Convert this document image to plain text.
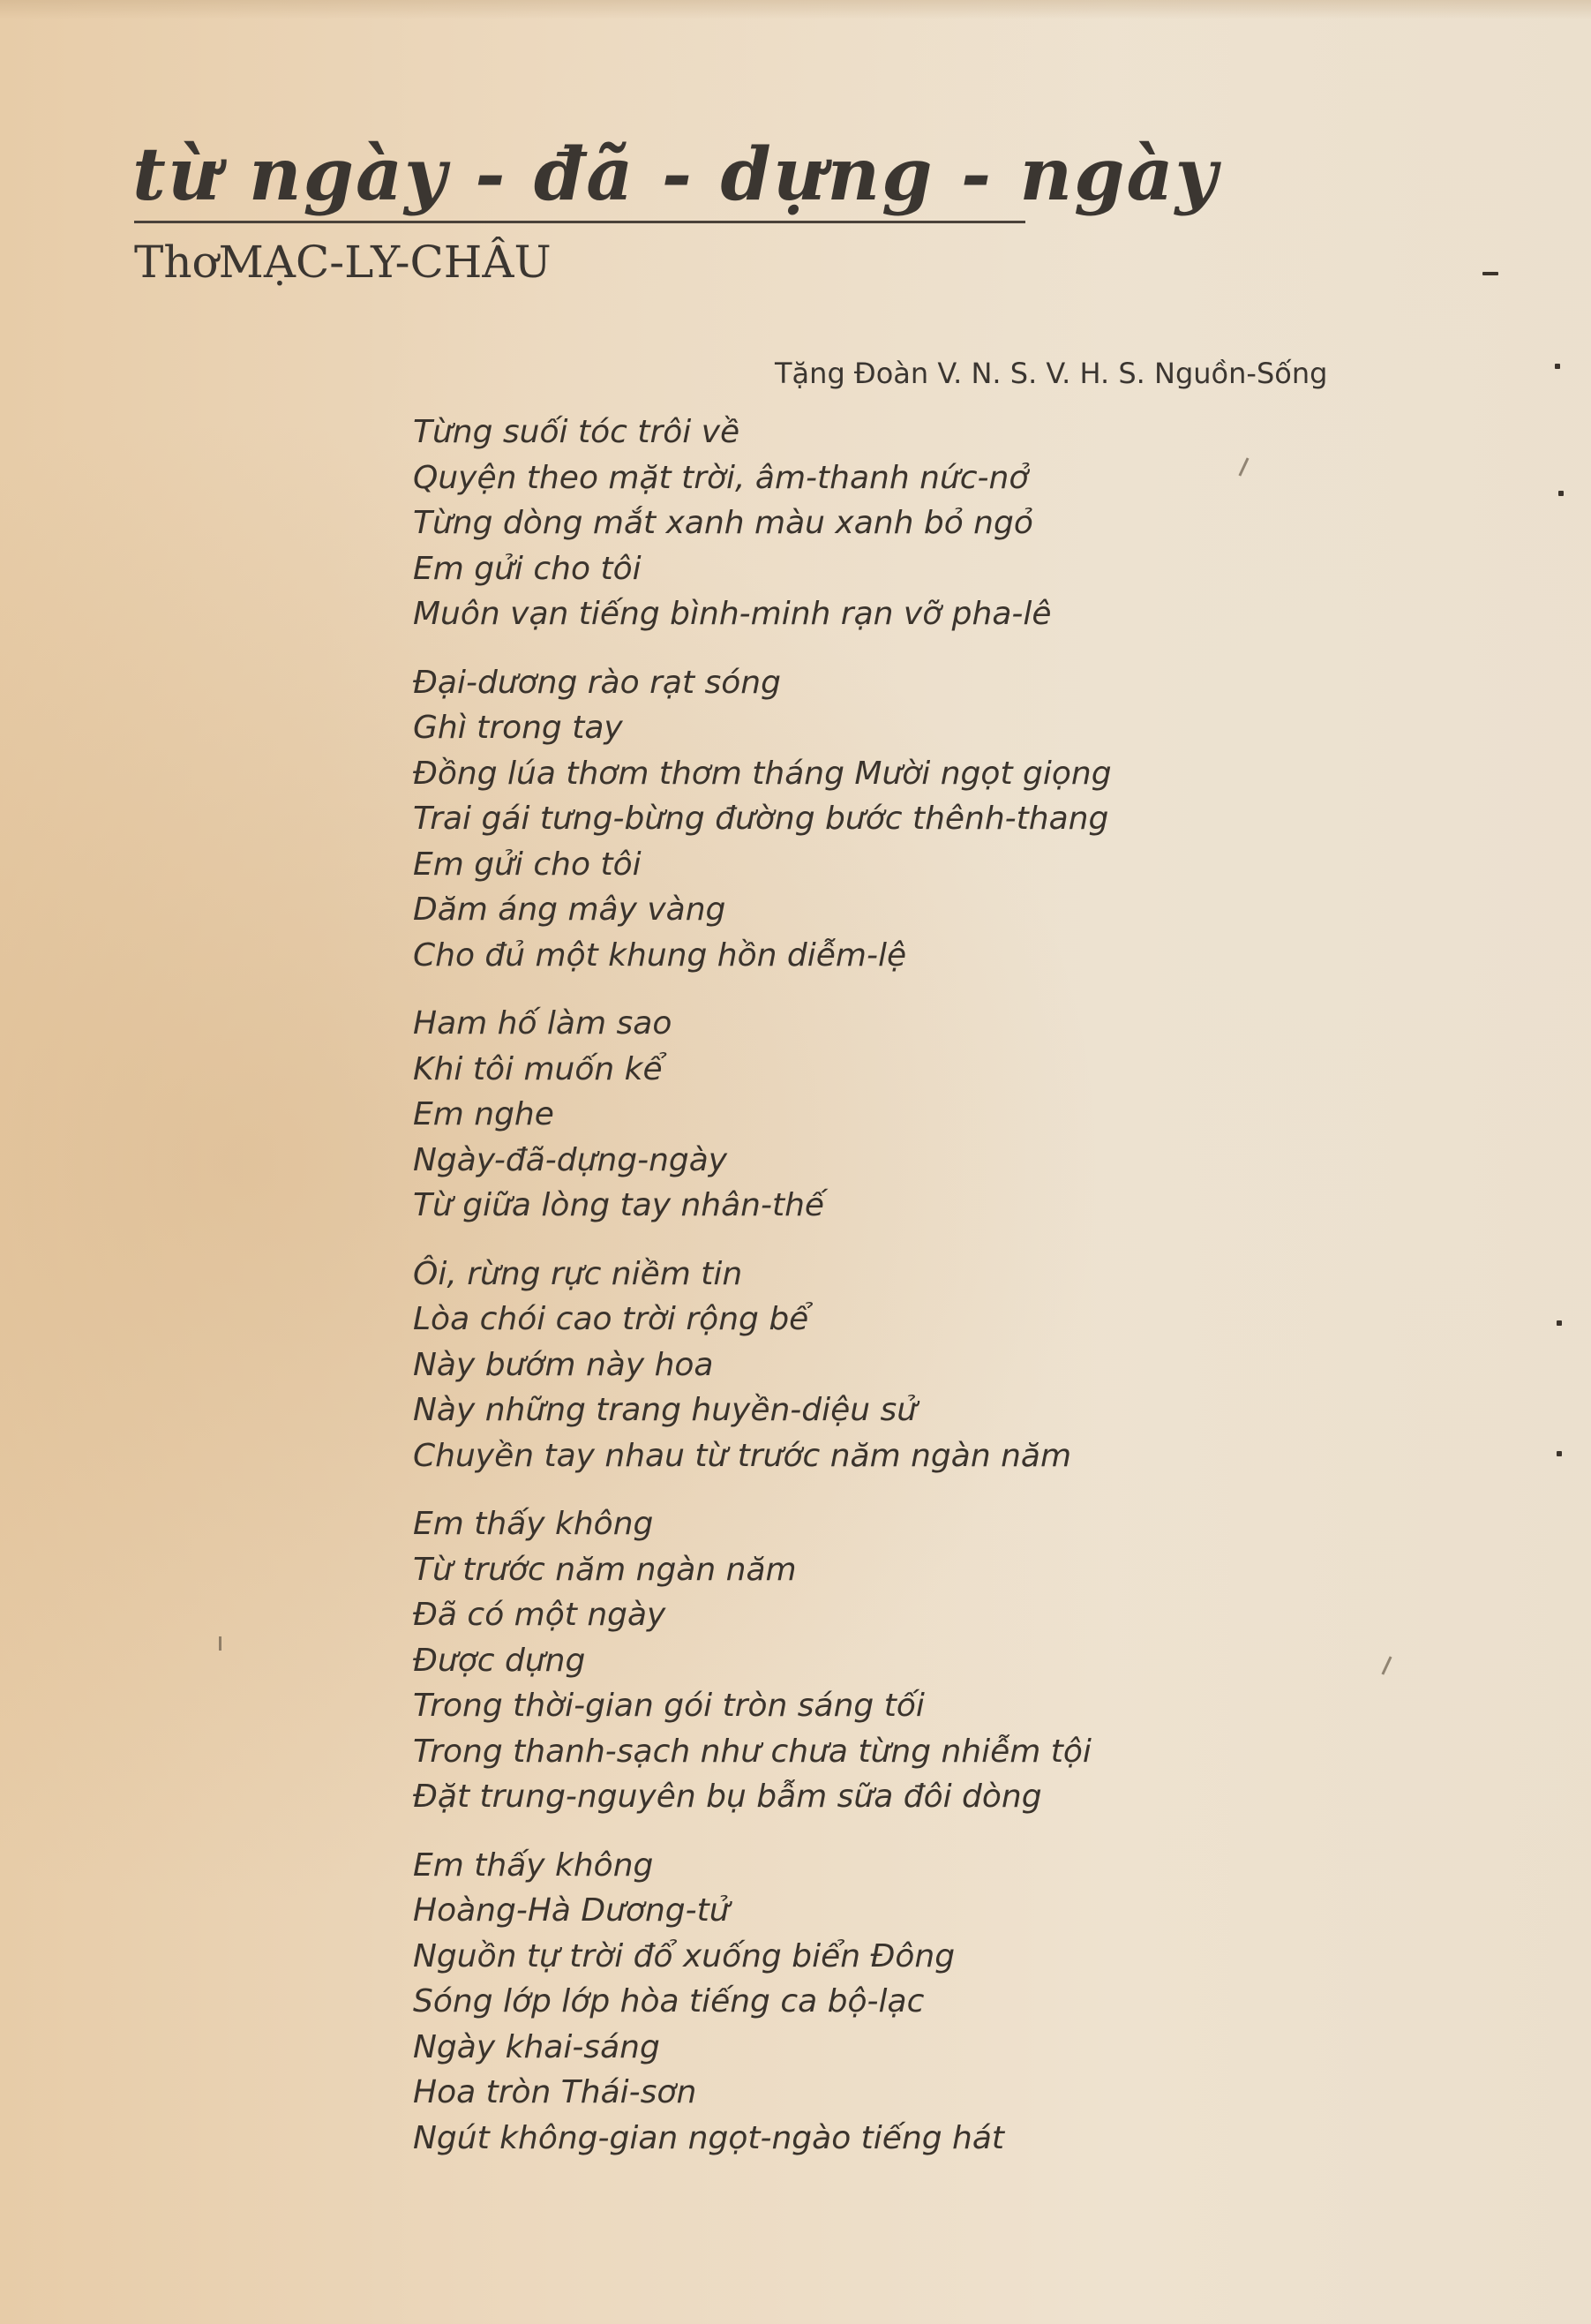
từ ngày - đã - dựng - ngày
ThơMẠC-LY-CHÂU
Tặng Đoàn V. N. S. V. H. S. Nguồn-Sống
Từng suối tóc trôi về
Quyện theo mặt trời, âm-thanh nức-nở
Từng dòng mắt xanh màu xanh bỏ ngỏ
Em gửi cho tôi
Muôn vạn tiếng bình-minh rạn vỡ pha-lê
Đại-dương rào rạt sóng
Ghì trong tay
Đồng lúa thơm thơm tháng Mười ngọt giọng
Trai gái tưng-bừng đường bước thênh-thang
Em gửi cho tôi
Dăm áng mây vàng
Cho đủ một khung hồn diễm-lệ
Ham hố làm sao
Khi tôi muốn kể
Em nghe
Ngày-đã-dựng-ngày
Từ giữa lòng tay nhân-thế
Ôi, rừng rực niềm tin
Lòa chói cao trời rộng bể
Này bướm này hoa
Này những trang huyền-diệu sử
Chuyền tay nhau từ trước năm ngàn năm
Em thấy không
Từ trước năm ngàn năm
Đã có một ngày
Được dựng
Trong thời-gian gói tròn sáng tối
Trong thanh-sạch như chưa từng nhiễm tội
Đặt trung-nguyên bụ bẫm sữa đôi dòng
Em thấy không
Hoàng-Hà Dương-tử
Nguồn tự trời đổ xuống biển Đông
Sóng lớp lớp hòa tiếng ca bộ-lạc
Ngày khai-sáng
Hoa tròn Thái-sơn
Ngút không-gian ngọt-ngào tiếng hát
